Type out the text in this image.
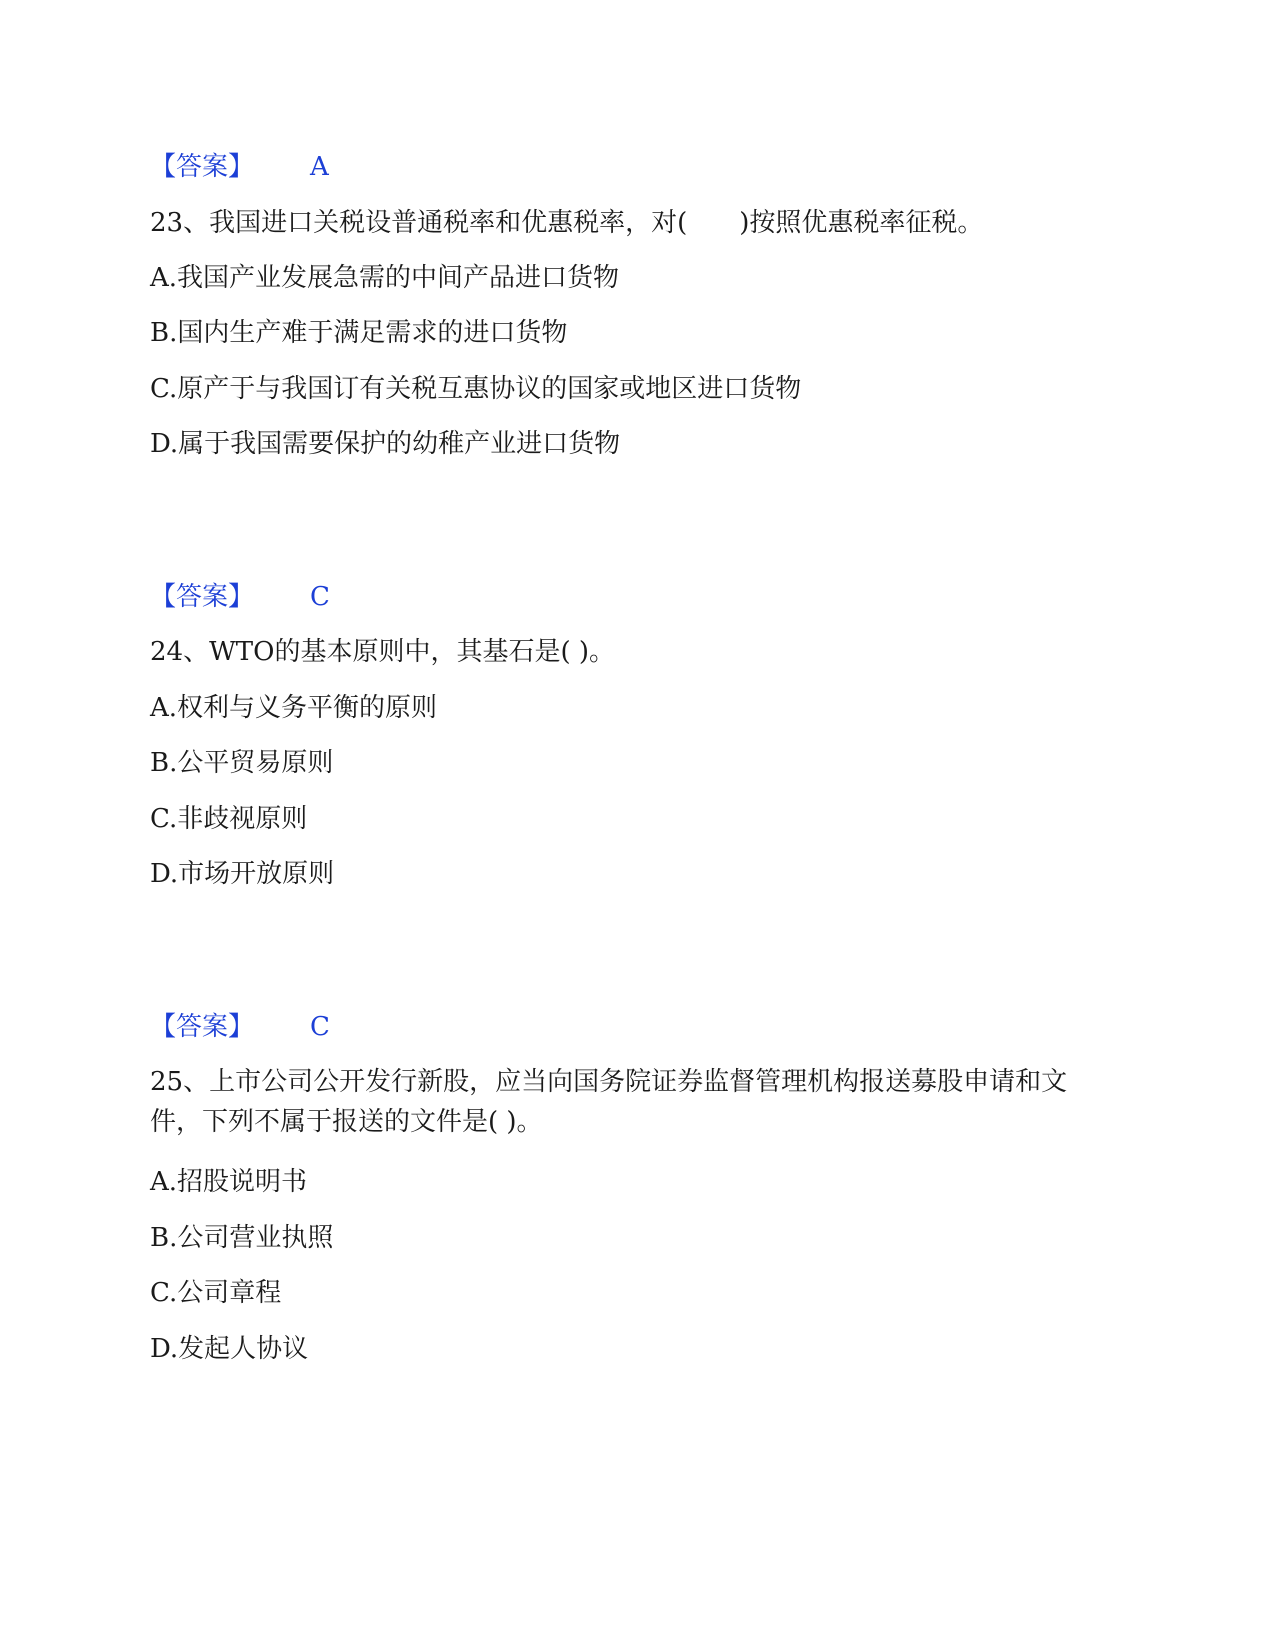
【答案】 A
23、我国进口关税设普通税率和优惠税率，对(　　)按照优惠税率征税。
A.我国产业发展急需的中间产品进口货物
B.国内生产难于满足需求的进口货物
C.原产于与我国订有关税互惠协议的国家或地区进口货物
D.属于我国需要保护的幼稚产业进口货物
【答案】 C
24、WTO的基本原则中，其基石是( )。
A.权利与义务平衡的原则
B.公平贸易原则
C.非歧视原则
D.市场开放原则
【答案】 C
25、上市公司公开发行新股，应当向国务院证券监督管理机构报送募股申请和文件，下列不属于报送的文件是( )。
A.招股说明书
B.公司营业执照
C.公司章程
D.发起人协议
